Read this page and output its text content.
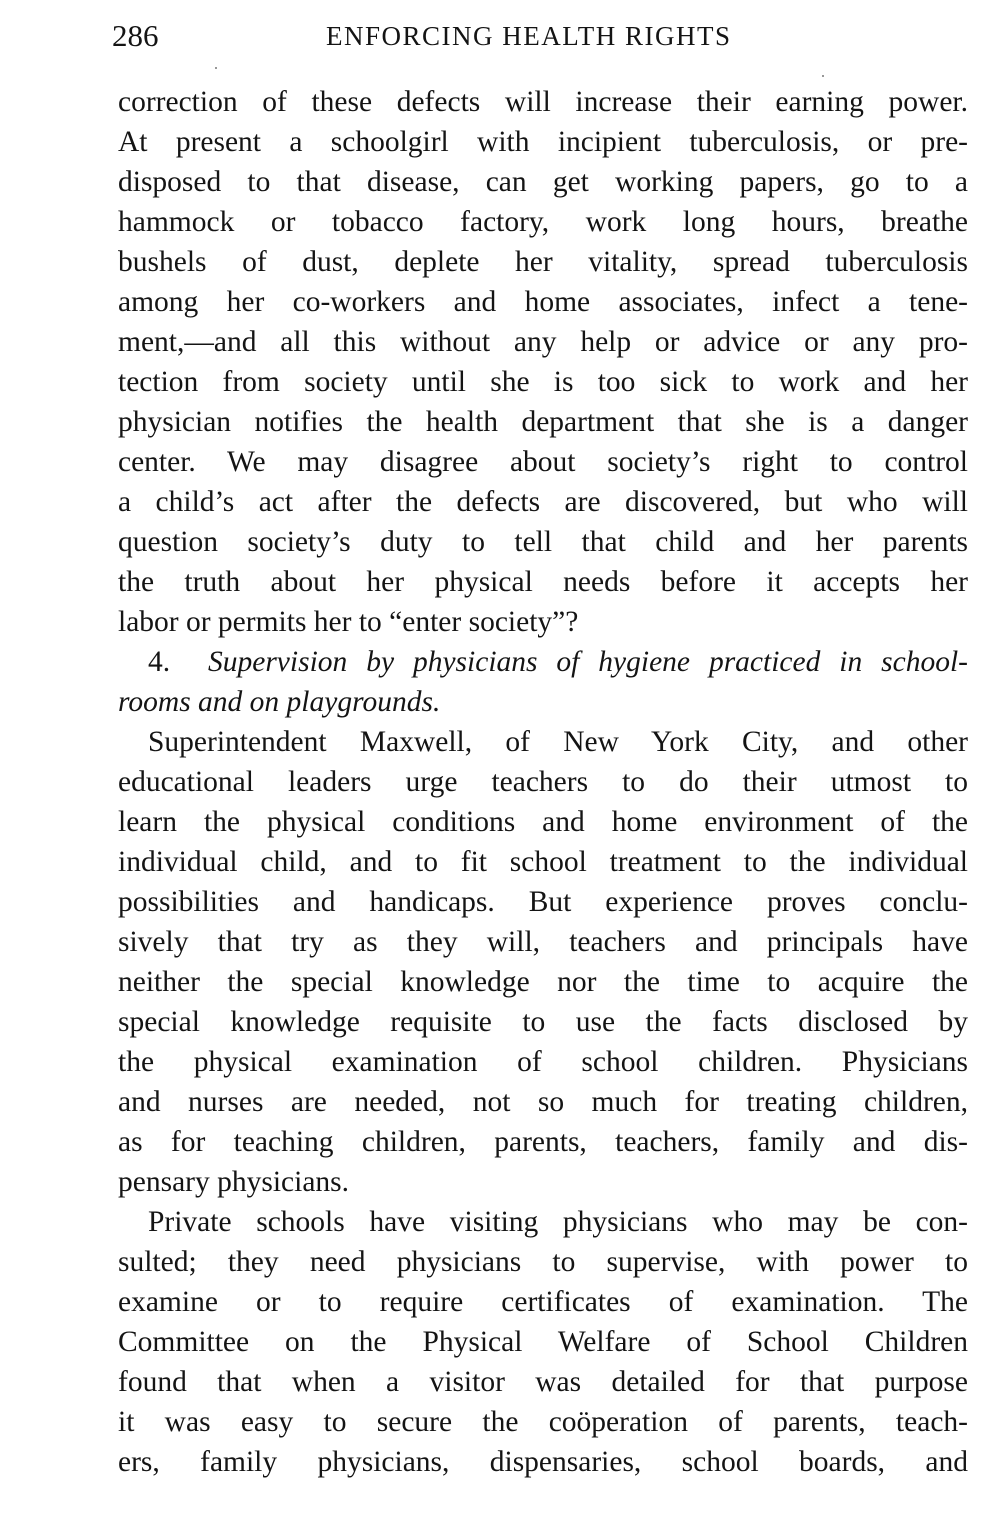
286	ENFORCING HEALTH RIGHTS
correction of these defects will increase their earning power.
At present a schoolgirl with incipient tuberculosis, or pre-
disposed to that disease, can get working papers, go to a
hammock or tobacco factory, work long hours, breathe
bushels of dust, deplete her vitality, spread tuberculosis
among her co-workers and home associates, infect a tene-
ment,—and all this without any help or advice or any pro-
tection from society until she is too sick to work and her
physician notifies the health department that she is a danger
center. We may disagree about society’s right to control
a child’s act after the defects are discovered, but who will
question society’s duty to tell that child and her parents
the truth about her physical needs before it accepts her
labor or permits her to “enter society”?
4. Supervision by physicians of hygiene practiced in school-
rooms and on playgrounds.
Superintendent Maxwell, of New York City, and other
educational leaders urge teachers to do their utmost to
learn the physical conditions and home environment of the
individual child, and to fit school treatment to the individual
possibilities and handicaps. But experience proves conclu-
sively that try as they will, teachers and principals have
neither the special knowledge nor the time to acquire the
special knowledge requisite to use the facts disclosed by
the physical examination of school children. Physicians
and nurses are needed, not so much for treating children,
as for teaching children, parents, teachers, family and dis-
pensary physicians.
Private schools have visiting physicians who may be con-
sulted; they need physicians to supervise, with power to
examine or to require certificates of examination. The
Committee on the Physical Welfare of School Children
found that when a visitor was detailed for that purpose
it was easy to secure the coöperation of parents, teach-
ers, family physicians, dispensaries, school boards, and
